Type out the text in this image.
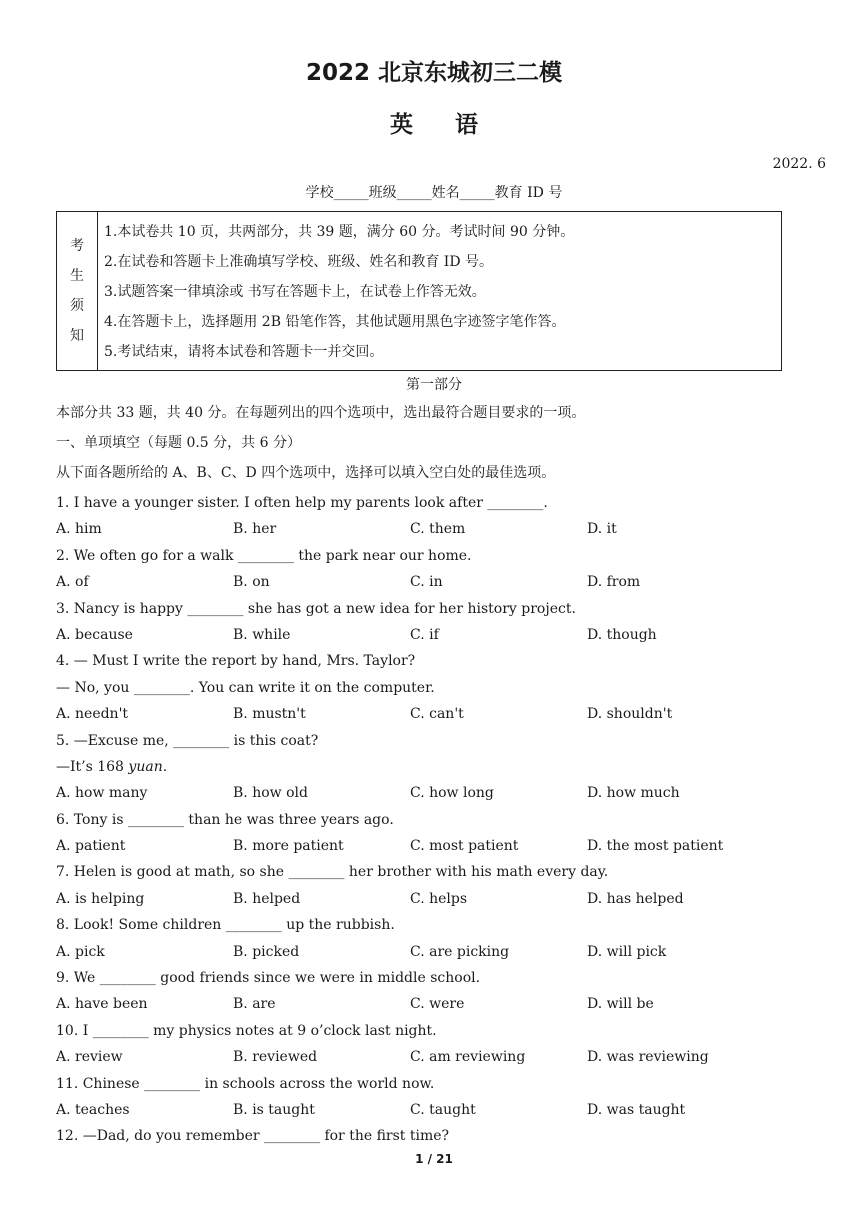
2022 北京东城初三二模
英语
2022. 6
学校_____班级_____姓名_____教育 ID 号
考
生
须
知
1.本试卷共 10 页，共两部分，共 39 题，满分 60 分。考试时间 90 分钟。
2.在试卷和答题卡上准确填写学校、班级、姓名和教育 ID 号。
3.试题答案一律填涂或 书写在答题卡上，在试卷上作答无效。
4.在答题卡上，选择题用 2B 铅笔作答，其他试题用黑色字迹签字笔作答。
5.考试结束，请将本试卷和答题卡一并交回。
第一部分
本部分共 33 题，共 40 分。在每题列出的四个选项中，选出最符合题目要求的一项。
一、单项填空（每题 0.5 分，共 6 分）
从下面各题所给的 A、B、C、D 四个选项中，选择可以填入空白处的最佳选项。
1. I have a younger sister. I often help my parents look after ________.
A. him	B. her	C. them	D. it
2. We often go for a walk ________ the park near our home.
A. of	B. on	C. in	D. from
3. Nancy is happy ________ she has got a new idea for her history project.
A. because	B. while	C. if	D. though
4. — Must I write the report by hand, Mrs. Taylor?
— No, you ________. You can write it on the computer.
A. needn't	B. mustn't	C. can't	D. shouldn't
5. —Excuse me, ________ is this coat?
—It’s 168 yuan.
A. how many	B. how old	C. how long	D. how much
6. Tony is ________ than he was three years ago.
A. patient	B. more patient	C. most patient	D. the most patient
7. Helen is good at math, so she ________ her brother with his math every day.
A. is helping	B. helped	C. helps	D. has helped
8. Look! Some children ________ up the rubbish.
A. pick	B. picked	C. are picking	D. will pick
9. We ________ good friends since we were in middle school.
A. have been	B. are	C. were	D. will be
10. I ________ my physics notes at 9 o’clock last night.
A. review	B. reviewed	C. am reviewing	D. was reviewing
11. Chinese ________ in schools across the world now.
A. teaches	B. is taught	C. taught	D. was taught
12. —Dad, do you remember ________ for the first time?
1 / 21
